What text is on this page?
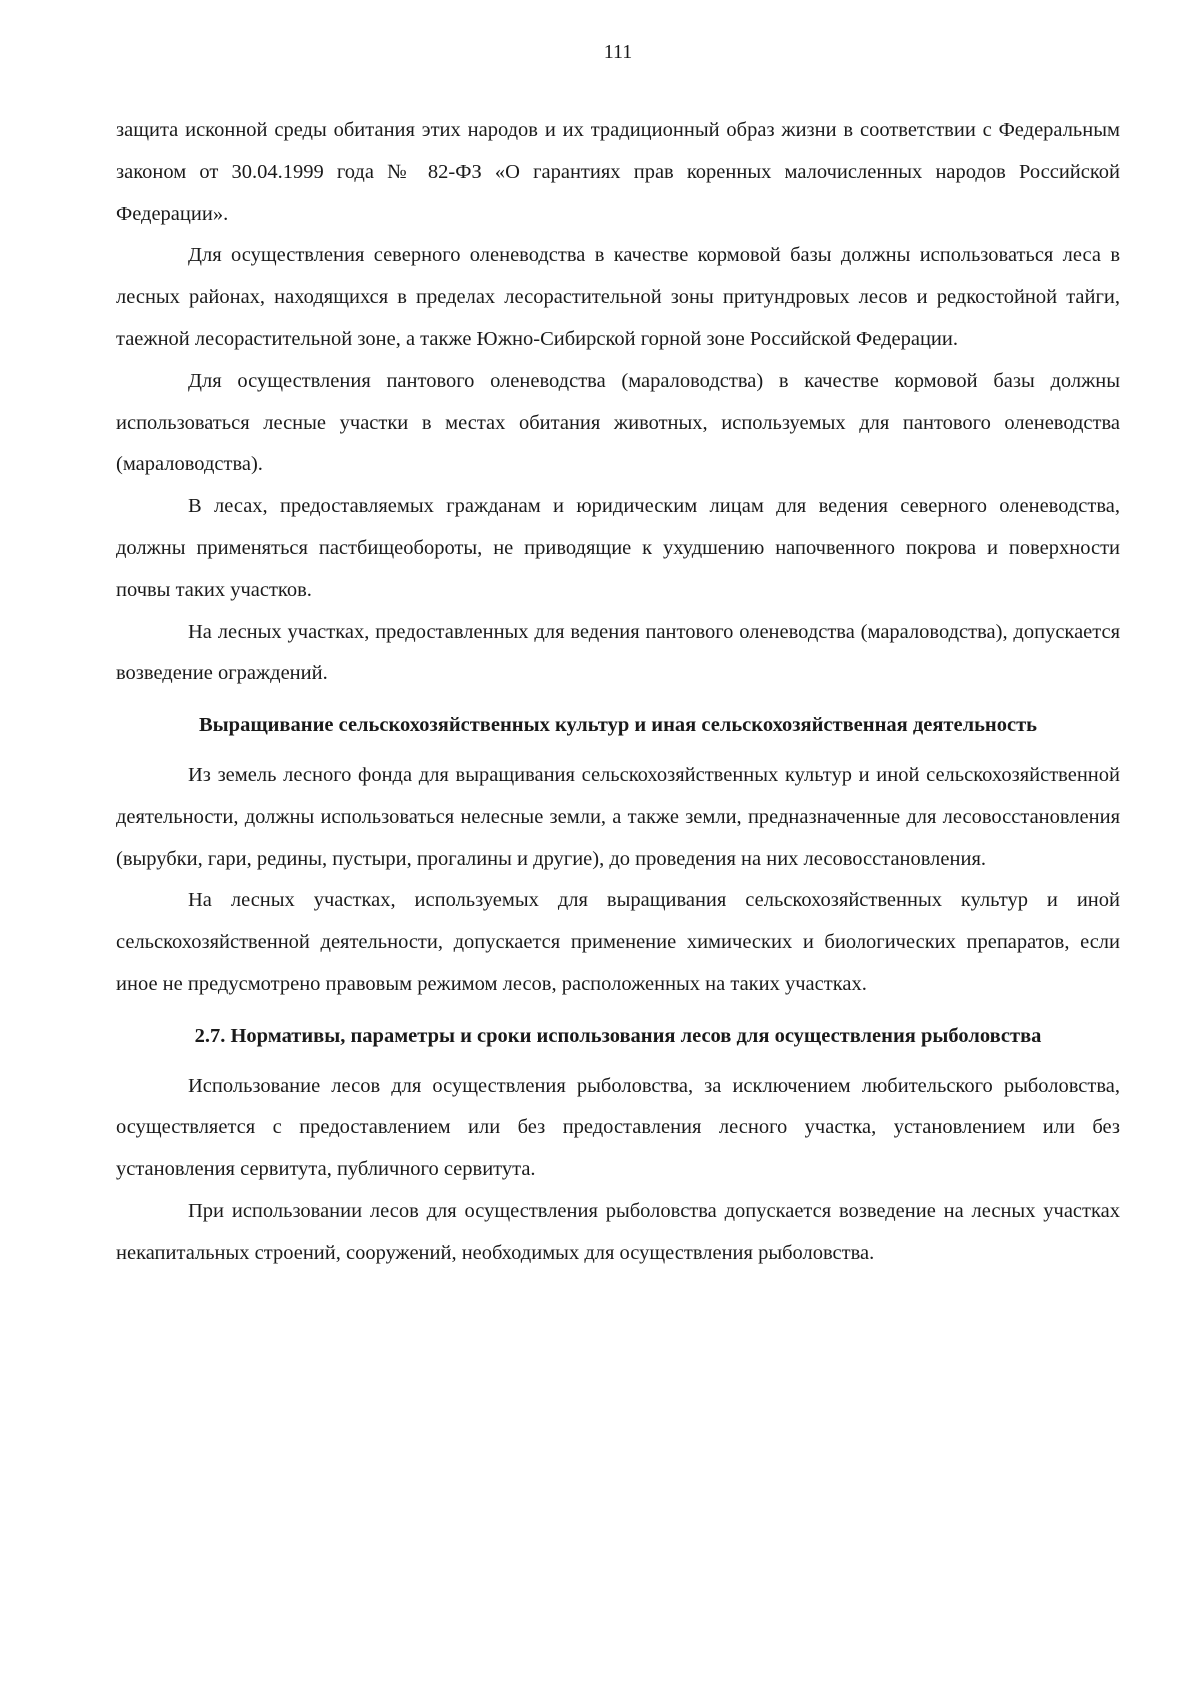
111

защита исконной среды обитания этих народов и их традиционный образ жизни в соответствии с Федеральным законом от 30.04.1999 года № 82-ФЗ «О гарантиях прав коренных малочисленных народов Российской Федерации».

Для осуществления северного оленеводства в качестве кормовой базы должны использоваться леса в лесных районах, находящихся в пределах лесорастительной зоны притундровых лесов и редкостойной тайги, таежной лесорастительной зоне, а также Южно-Сибирской горной зоне Российской Федерации.

Для осуществления пантового оленеводства (мараловодства) в качестве кормовой базы должны использоваться лесные участки в местах обитания животных, используемых для пантового оленеводства (мараловодства).

В лесах, предоставляемых гражданам и юридическим лицам для ведения северного оленеводства, должны применяться пастбищеобороты, не приводящие к ухудшению напочвенного покрова и поверхности почвы таких участков.

На лесных участках, предоставленных для ведения пантового оленеводства (мараловодства), допускается возведение ограждений.

Выращивание сельскохозяйственных культур и иная сельскохозяйственная деятельность

Из земель лесного фонда для выращивания сельскохозяйственных культур и иной сельскохозяйственной деятельности, должны использоваться нелесные земли, а также земли, предназначенные для лесовосстановления (вырубки, гари, редины, пустыри, прогалины и другие), до проведения на них лесовосстановления.

На лесных участках, используемых для выращивания сельскохозяйственных культур и иной сельскохозяйственной деятельности, допускается применение химических и биологических препаратов, если иное не предусмотрено правовым режимом лесов, расположенных на таких участках.

2.7. Нормативы, параметры и сроки использования лесов для осуществления рыболовства

Использование лесов для осуществления рыболовства, за исключением любительского рыболовства, осуществляется с предоставлением или без предоставления лесного участка, установлением или без установления сервитута, публичного сервитута.

При использовании лесов для осуществления рыболовства допускается возведение на лесных участках некапитальных строений, сооружений, необходимых для осуществления рыболовства.
